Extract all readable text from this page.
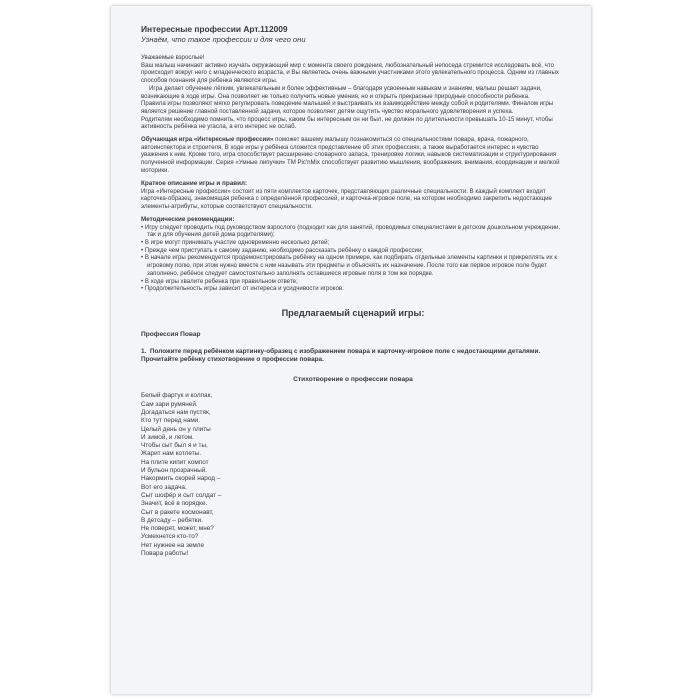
Интересные профессии Арт.112009
Узнаём, что такое профессии и для чего они

Уважаемые взрослые!

Ваш малыш начинает активно изучать окружающий мир с момента своего рождения, любознательный непоседа стремится исследовать всё, что происходит вокруг него с младенческого возраста, и Вы являетесь очень важными участниками этого увлекательного процесса. Одним из главных способов познания для ребенка являются игры.

Игра делает обучение лёгким, увлекательным и более эффективным – благодаря усвоенным навыкам и знаниям, малыш решает задачи, возникающие в ходе игры. Она позволяет не только получить новые умения, но и открыть прекрасные природные способности ребенка.

Правила игры позволяют мягко регулировать поведение малышей и выстраивать их взаимодействие между собой и родителями. Финалом игры является решение главной поставленной задачи, которое позволяет детям ощутить чувство морального удовлетворения и успеха.

Родителям необходимо помнить, что процесс игры, каким бы интересным он ни был, не должен по длительности превышать 10-15 минут, чтобы активность ребёнка не угасла, а его интерес не ослаб.

Обучающая игра «Интересные профессии» поможет вашему малышу познакомиться со специальностями повара, врача, пожарного, автоинспектора и строителя. В ходе игры у ребёнка сложится представление об этих профессиях, а также выработается интерес и чувство уважения к ним. Кроме того, игра способствует расширению словарного запаса, тренировке логики, навыков систематизации и структурирования полученной информации. Серия «Умные липучки» ТМ Pic'nMix способствует развитию мышления, воображения, внимания, координации и мелкой моторики.

Краткое описание игры и правил:

Игра «Интересные профессии» состоит из пяти комплектов карточек, представляющих различные специальности. В каждый комплект входит карточка-образец, знакомящая ребенка с определённой профессией, и карточка-игровое поле, на котором необходимо закрепить недостающие элементы-атрибуты, которые соответствуют специальности.

Методические рекомендации:
• Игру следует проводить под руководством взрослого (подходит как для занятий, проводимых специалистами в детском дошкольном учреждении, так и для обучения детей дома родителями);
• В игре могут принимать участие одновременно несколько детей;
• Прежде чем приступать к самому заданию, необходимо рассказать ребёнку о каждой профессии;
• В начале игры рекомендуется продемонстрировать ребёнку на одном примере, как подбирать отдельные элементы картинки и прикреплять их к игровому полю, при этом нужно вместе с ним называть эти предметы и объяснять их назначение. После того как первое игровое поле будет заполнено, ребёнок следует самостоятельно заполнять оставшиеся игровые поля в том же порядке.
• В ходе игры хвалите ребенка при правильном ответе;
• Продолжительность игры зависит от интереса и усидчивости игроков.
Предлагаемый сценарий игры:
Профессия Повар

1. Положите перед ребёнком картинку-образец с изображением повара и карточку-игровое поле с недостающими деталями. Прочитайте ребёнку стихотворение о профессии повара.

Стихотворение о профессии повара
Белый фартук и колпак,
Сам зари румяней.
Догадаться нам пустяк,
Кто тут перед нами.
Целый день он у плиты
И зимой, и летом.
Чтобы сыт был я и ты,
Жарит нам котлеты.
На плите кипит компот
И бульон прозрачный.
Накормить скорей народ –
Вот его задача.
Сыт шофёр и сыт солдат –
Значит, всё в порядке.
Сыт в ракете космонавт,
В детсаду – ребятки.
Не поверят, может, мне?
Усмехнется кто-то?
Нет нужнее на земле
Повара работы!
